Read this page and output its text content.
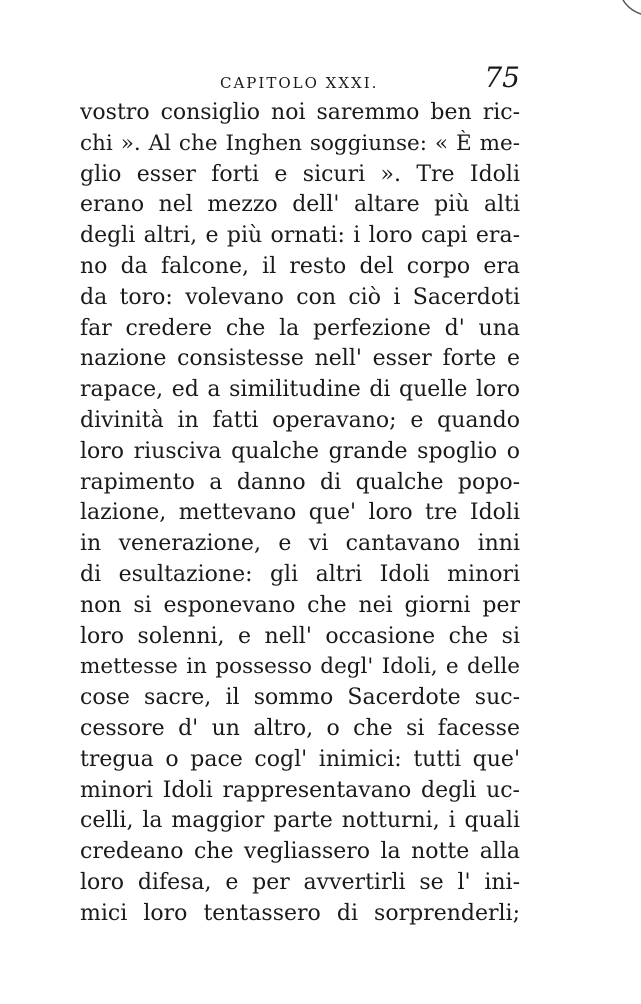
CAPITOLO XXXI.	75
vostro consiglio noi saremmo ben ric-
chi ». Al che Inghen soggiunse: « È me-
glio esser forti e sicuri ». Tre Idoli
erano nel mezzo dell' altare più alti
degli altri, e più ornati: i loro capi era-
no da falcone, il resto del corpo era
da toro: volevano con ciò i Sacerdoti
far credere che la perfezione d' una
nazione consistesse nell' esser forte e
rapace, ed a similitudine di quelle loro
divinità in fatti operavano; e quando
loro riusciva qualche grande spoglio o
rapimento a danno di qualche popo-
lazione, mettevano que' loro tre Idoli
in venerazione, e vi cantavano inni
di esultazione: gli altri Idoli minori
non si esponevano che nei giorni per
loro solenni, e nell' occasione che si
mettesse in possesso degl' Idoli, e delle
cose sacre, il sommo Sacerdote suc-
cessore d' un altro, o che si facesse
tregua o pace cogl' inimici: tutti que'
minori Idoli rappresentavano degli uc-
celli, la maggior parte notturni, i quali
credeano che vegliassero la notte alla
loro difesa, e per avvertirli se l' ini-
mici loro tentassero di sorprenderli;
